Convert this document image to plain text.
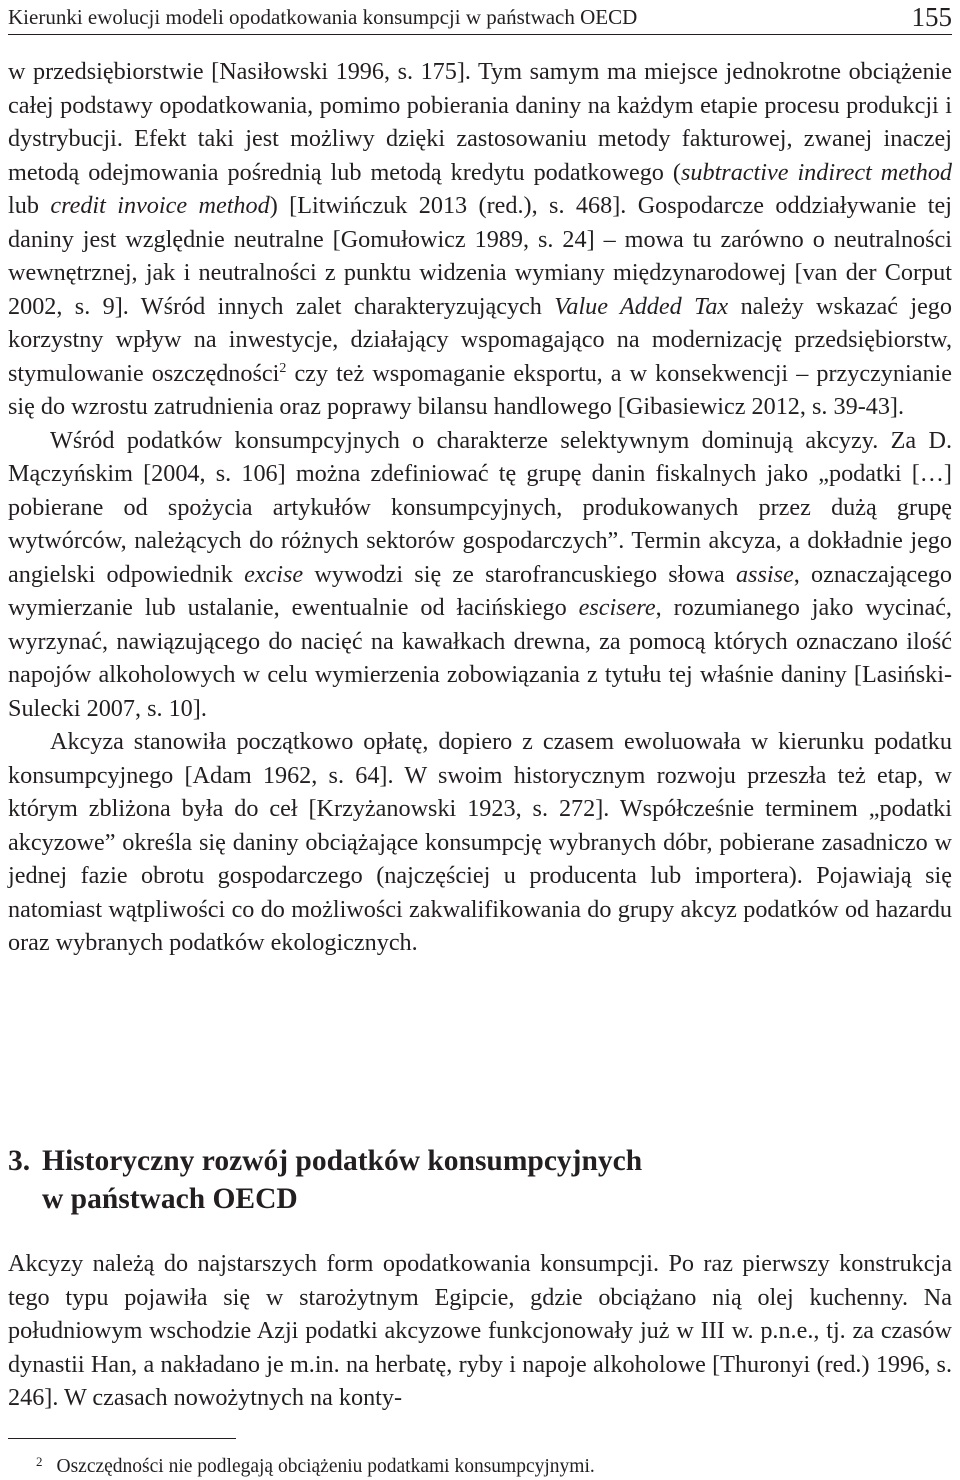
Kierunki ewolucji modeli opodatkowania konsumpcji w państwach OECD	155

w przedsiębiorstwie [Nasiłowski 1996, s. 175]. Tym samym ma miejsce jednokrotne obciążenie całej podstawy opodatkowania, pomimo pobierania daniny na każdym etapie procesu produkcji i dystrybucji. Efekt taki jest możliwy dzięki zastosowaniu metody fakturowej, zwanej inaczej metodą odejmowania pośrednią lub metodą kredytu podatkowego (subtractive indirect method lub credit invoice method) [Litwińczuk 2013 (red.), s. 468]. Gospodarcze oddziaływanie tej daniny jest względnie neutralne [Gomułowicz 1989, s. 24] – mowa tu zarówno o neutralności wewnętrznej, jak i neutralności z punktu widzenia wymiany międzynarodowej [van der Corput 2002, s. 9]. Wśród innych zalet charakteryzujących Value Added Tax należy wskazać jego korzystny wpływ na inwestycje, działający wspomagająco na modernizację przedsiębiorstw, stymulowanie oszczędności$^2$ czy też wspomaganie eksportu, a w konsekwencji – przyczynianie się do wzrostu zatrudnienia oraz poprawy bilansu handlowego [Gibasiewicz 2012, s. 39-43].

Wśród podatków konsumpcyjnych o charakterze selektywnym dominują akcyzy. Za D. Mączyńskim [2004, s. 106] można zdefiniować tę grupę danin fiskalnych jako „podatki […] pobierane od spożycia artykułów konsumpcyjnych, produkowanych przez dużą grupę wytwórców, należących do różnych sektorów gospodarczych”. Termin akcyza, a dokładnie jego angielski odpowiednik excise wywodzi się ze starofrancuskiego słowa assise, oznaczającego wymierzanie lub ustalanie, ewentualnie od łacińskiego escisere, rozumianego jako wycinać, wyrzynać, nawiązującego do nacięć na kawałkach drewna, za pomocą których oznaczano ilość napojów alkoholowych w celu wymierzenia zobowiązania z tytułu tej właśnie daniny [Lasiński-Sulecki 2007, s. 10].

Akcyza stanowiła początkowo opłatę, dopiero z czasem ewoluowała w kierunku podatku konsumpcyjnego [Adam 1962, s. 64]. W swoim historycznym rozwoju przeszła też etap, w którym zbliżona była do ceł [Krzyżanowski 1923, s. 272]. Współcześnie terminem „podatki akcyzowe” określa się daniny obciążające konsumpcję wybranych dóbr, pobierane zasadniczo w jednej fazie obrotu gospodarczego (najczęściej u producenta lub importera). Pojawiają się natomiast wątpliwości co do możliwości zakwalifikowania do grupy akcyz podatków od hazardu oraz wybranych podatków ekologicznych.

3. Historyczny rozwój podatków konsumpcyjnych
w państwach OECD

Akcyzy należą do najstarszych form opodatkowania konsumpcji. Po raz pierwszy konstrukcja tego typu pojawiła się w starożytnym Egipcie, gdzie obciążano nią olej kuchenny. Na południowym wschodzie Azji podatki akcyzowe funkcjonowały już w III w. p.n.e., tj. za czasów dynastii Han, a nakładano je m.in. na herbatę, ryby i napoje alkoholowe [Thuronyi (red.) 1996, s. 246]. W czasach nowożytnych na konty-

$^2$ Oszczędności nie podlegają obciążeniu podatkami konsumpcyjnymi.
